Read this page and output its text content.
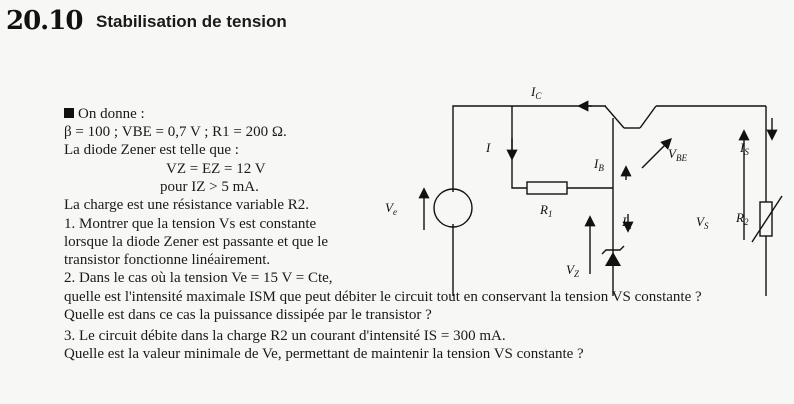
20.10 Stabilisation de tension
On donne :
β = 100 ; VBE = 0,7 V ; R1 = 200 Ω.
La diode Zener est telle que :
VZ = EZ = 12 V
pour IZ > 5 mA.
La charge est une résistance variable R2.
1. Montrer que la tension Vs est constante
lorsque la diode Zener est passante et que le
transistor fonctionne linéairement.
2. Dans le cas où la tension Ve = 15 V = Cte,
quelle est l'intensité maximale ISM que peut débiter le circuit tout en conservant la tension VS constante ?
Quelle est dans ce cas la puissance dissipée par le transistor ?
3. Le circuit débite dans la charge R2 un courant d'intensité IS = 300 mA.
Quelle est la valeur minimale de Ve, permettant de maintenir la tension VS constante ?
$I_C$
I
$I_B$
$V_{BE}$
$I_S$
$V_e$	$R_1$	$I_Z$	$V_S$
$R_2$
$V_Z$
